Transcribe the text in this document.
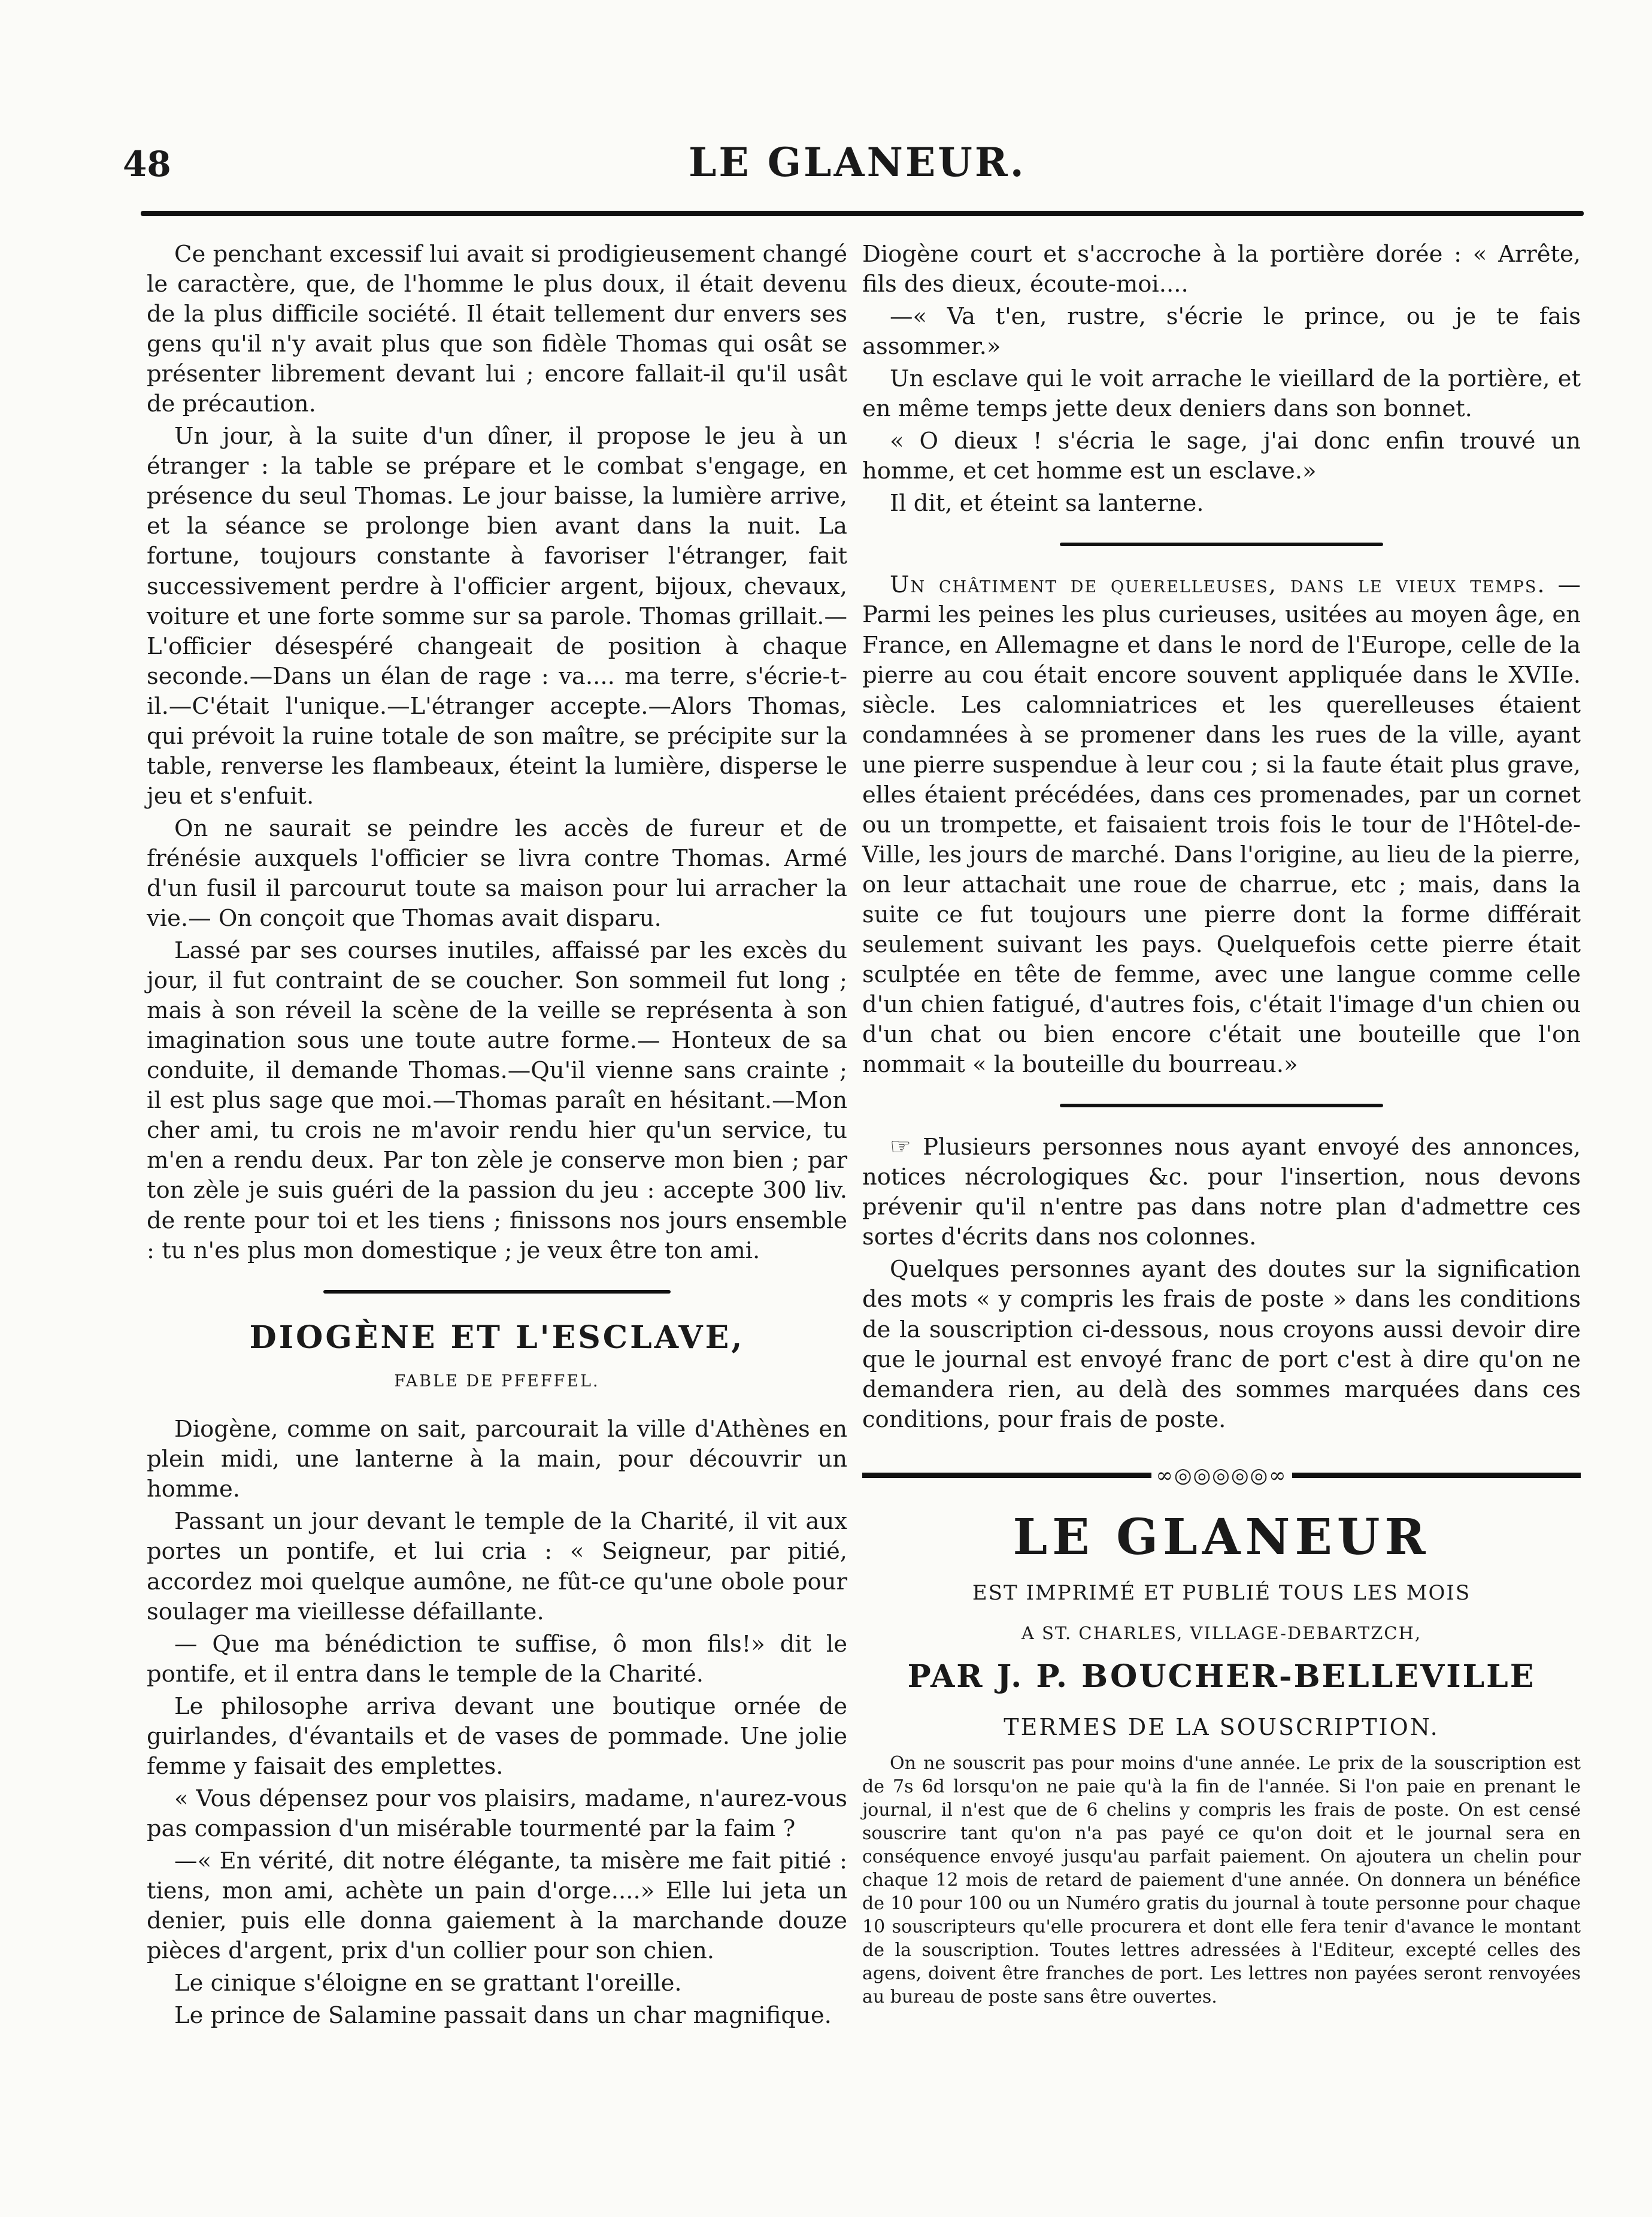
48	LE GLANEUR.

Ce penchant excessif lui avait si prodigieusement changé le caractère, que, de l'homme le plus doux, il était devenu de la plus difficile société. Il était tellement dur envers ses gens qu'il n'y avait plus que son fidèle Thomas qui osât se présenter librement devant lui ; encore fallait-il qu'il usât de précaution.

Un jour, à la suite d'un dîner, il propose le jeu à un étranger : la table se prépare et le combat s'engage, en présence du seul Thomas. Le jour baisse, la lumière arrive, et la séance se prolonge bien avant dans la nuit. La fortune, toujours constante à favoriser l'étranger, fait successivement perdre à l'officier argent, bijoux, chevaux, voiture et une forte somme sur sa parole. Thomas grillait.— L'officier désespéré changeait de position à chaque seconde.—Dans un élan de rage : va.... ma terre, s'écrie-t-il.—C'était l'unique.—L'étranger accepte.—Alors Thomas, qui prévoit la ruine totale de son maître, se précipite sur la table, renverse les flambeaux, éteint la lumière, disperse le jeu et s'enfuit.

On ne saurait se peindre les accès de fureur et de frénésie auxquels l'officier se livra contre Thomas. Armé d'un fusil il parcourut toute sa maison pour lui arracher la vie.— On conçoit que Thomas avait disparu.

Lassé par ses courses inutiles, affaissé par les excès du jour, il fut contraint de se coucher. Son sommeil fut long ; mais à son réveil la scène de la veille se représenta à son imagination sous une toute autre forme.— Honteux de sa conduite, il demande Thomas.—Qu'il vienne sans crainte ; il est plus sage que moi.—Thomas paraît en hésitant.—Mon cher ami, tu crois ne m'avoir rendu hier qu'un service, tu m'en a rendu deux. Par ton zèle je conserve mon bien ; par ton zèle je suis guéri de la passion du jeu : accepte 300 liv. de rente pour toi et les tiens ; finissons nos jours ensemble : tu n'es plus mon domestique ; je veux être ton ami.

DIOGÈNE ET L'ESCLAVE,
FABLE DE PFEFFEL.

Diogène, comme on sait, parcourait la ville d'Athènes en plein midi, une lanterne à la main, pour découvrir un homme.

Passant un jour devant le temple de la Charité, il vit aux portes un pontife, et lui cria : « Seigneur, par pitié, accordez moi quelque aumône, ne fût-ce qu'une obole pour soulager ma vieillesse défaillante.

— Que ma bénédiction te suffise, ô mon fils!» dit le pontife, et il entra dans le temple de la Charité.

Le philosophe arriva devant une boutique ornée de guirlandes, d'évantails et de vases de pommade. Une jolie femme y faisait des emplettes.

« Vous dépensez pour vos plaisirs, madame, n'aurez-vous pas compassion d'un misérable tourmenté par la faim ?

—« En vérité, dit notre élégante, ta misère me fait pitié : tiens, mon ami, achète un pain d'orge....» Elle lui jeta un denier, puis elle donna gaiement à la marchande douze pièces d'argent, prix d'un collier pour son chien.

Le cinique s'éloigne en se grattant l'oreille.

Le prince de Salamine passait dans un char magnifique.

Diogène court et s'accroche à la portière dorée : « Arrête, fils des dieux, écoute-moi....

—« Va t'en, rustre, s'écrie le prince, ou je te fais assommer.»

Un esclave qui le voit arrache le vieillard de la portière, et en même temps jette deux deniers dans son bonnet.

« O dieux ! s'écria le sage, j'ai donc enfin trouvé un homme, et cet homme est un esclave.»

Il dit, et éteint sa lanterne.

Un châtiment de querelleuses, dans le vieux temps. — Parmi les peines les plus curieuses, usitées au moyen âge, en France, en Allemagne et dans le nord de l'Europe, celle de la pierre au cou était encore souvent appliquée dans le XVIIe. siècle. Les calomniatrices et les querelleuses étaient condamnées à se promener dans les rues de la ville, ayant une pierre suspendue à leur cou ; si la faute était plus grave, elles étaient précédées, dans ces promenades, par un cornet ou un trompette, et faisaient trois fois le tour de l'Hôtel-de-Ville, les jours de marché. Dans l'origine, au lieu de la pierre, on leur attachait une roue de charrue, etc ; mais, dans la suite ce fut toujours une pierre dont la forme différait seulement suivant les pays. Quelquefois cette pierre était sculptée en tête de femme, avec une langue comme celle d'un chien fatigué, d'autres fois, c'était l'image d'un chien ou d'un chat ou bien encore c'était une bouteille que l'on nommait « la bouteille du bourreau.»

☞ Plusieurs personnes nous ayant envoyé des annonces, notices nécrologiques &c. pour l'insertion, nous devons prévenir qu'il n'entre pas dans notre plan d'admettre ces sortes d'écrits dans nos colonnes.

Quelques personnes ayant des doutes sur la signification des mots « y compris les frais de poste » dans les conditions de la souscription ci-dessous, nous croyons aussi devoir dire que le journal est envoyé franc de port c'est à dire qu'on ne demandera rien, au delà des sommes marquées dans ces conditions, pour frais de poste.

∞◎◎◎◎◎∞
LE GLANEUR
EST IMPRIMÉ ET PUBLIÉ TOUS LES MOIS
A ST. CHARLES, VILLAGE-DEBARTZCH,
PAR J. P. BOUCHER-BELLEVILLE
TERMES DE LA SOUSCRIPTION.

On ne souscrit pas pour moins d'une année. Le prix de la souscription est de 7s 6d lorsqu'on ne paie qu'à la fin de l'année. Si l'on paie en prenant le journal, il n'est que de 6 chelins y compris les frais de poste. On est censé souscrire tant qu'on n'a pas payé ce qu'on doit et le journal sera en conséquence envoyé jusqu'au parfait paiement. On ajoutera un chelin pour chaque 12 mois de retard de paiement d'une année. On donnera un bénéfice de 10 pour 100 ou un Numéro gratis du journal à toute personne pour chaque 10 souscripteurs qu'elle procurera et dont elle fera tenir d'avance le montant de la souscription. Toutes lettres adressées à l'Editeur, excepté celles des agens, doivent être franches de port. Les lettres non payées seront renvoyées au bureau de poste sans être ouvertes.
